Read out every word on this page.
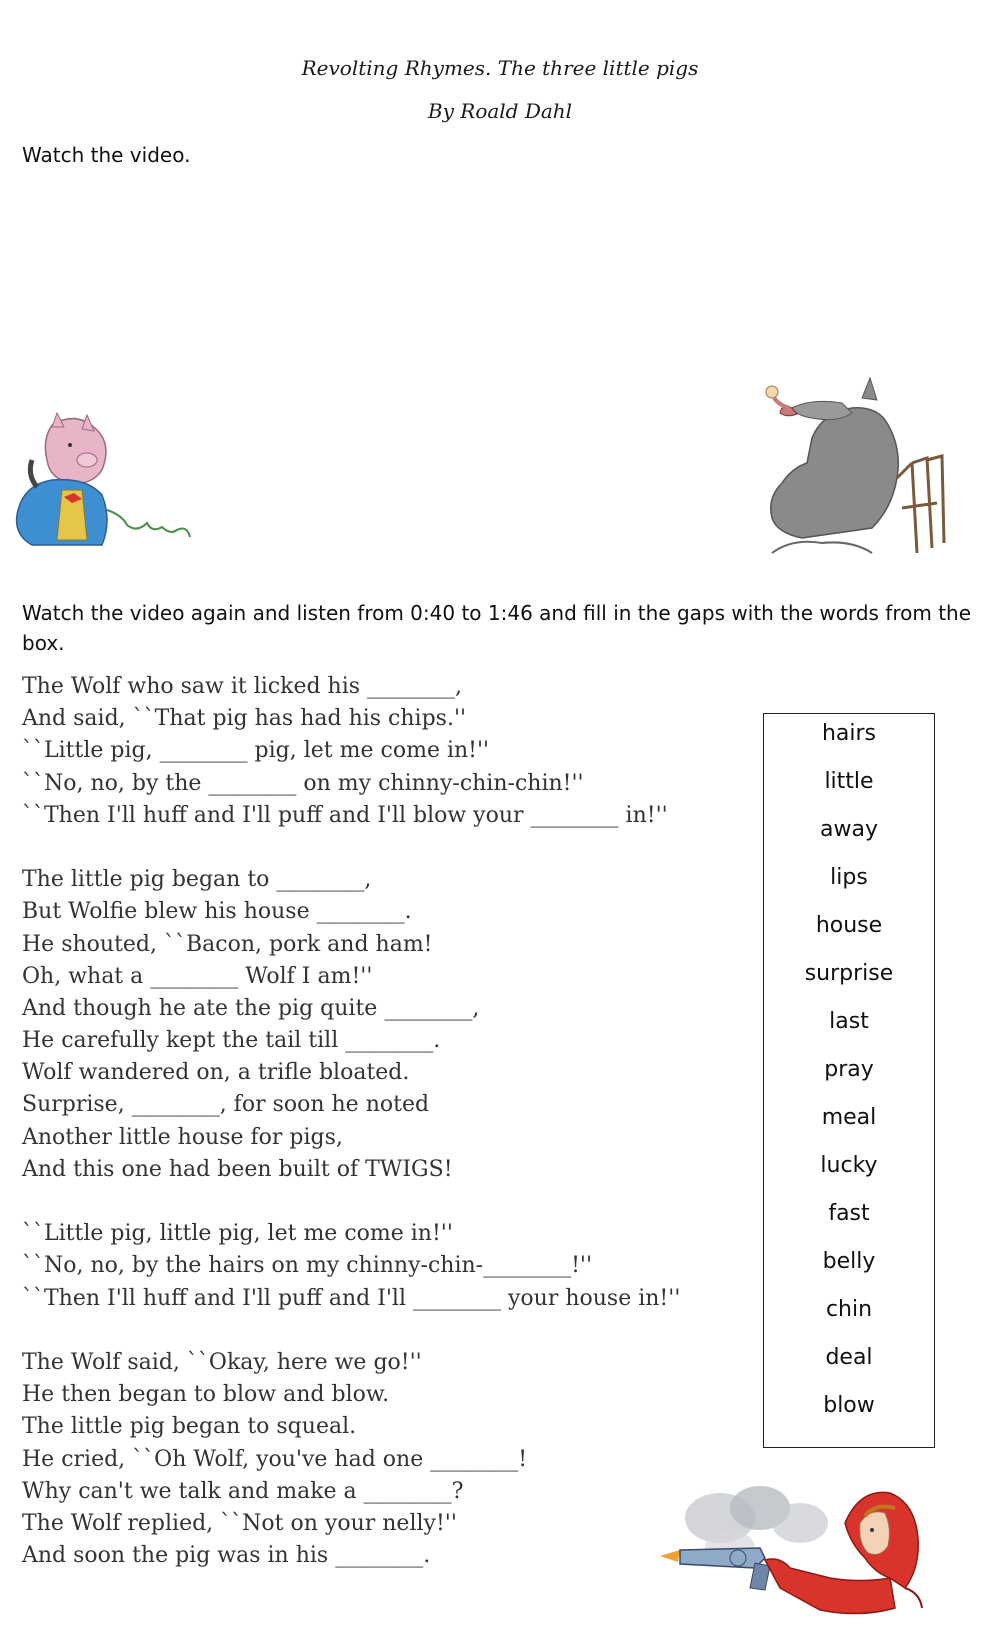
Revolting Rhymes. The three little pigs
By Roald Dahl
Watch the video.
Watch the video again and listen from 0:40 to 1:46 and fill in the gaps with the words from the box.
The Wolf who saw it licked his ________,
And said, ``That pig has had his chips.''
``Little pig, ________ pig, let me come in!''
``No, no, by the ________ on my chinny-chin-chin!''
``Then I'll huff and I'll puff and I'll blow your ________ in!''
The little pig began to ________,
But Wolfie blew his house ________.
He shouted, ``Bacon, pork and ham!
Oh, what a ________ Wolf I am!''
And though he ate the pig quite ________,
He carefully kept the tail till ________.
Wolf wandered on, a trifle bloated.
Surprise, ________, for soon he noted
Another little house for pigs,
And this one had been built of TWIGS!
``Little pig, little pig, let me come in!''
``No, no, by the hairs on my chinny-chin-________!''
``Then I'll huff and I'll puff and I'll ________ your house in!''
The Wolf said, ``Okay, here we go!''
He then began to blow and blow.
The little pig began to squeal.
He cried, ``Oh Wolf, you've had one ________!
Why can't we talk and make a ________?
The Wolf replied, ``Not on your nelly!''
And soon the pig was in his ________.
hairs
little
away
lips
house
surprise
last
pray
meal
lucky
fast
belly
chin
deal
blow
